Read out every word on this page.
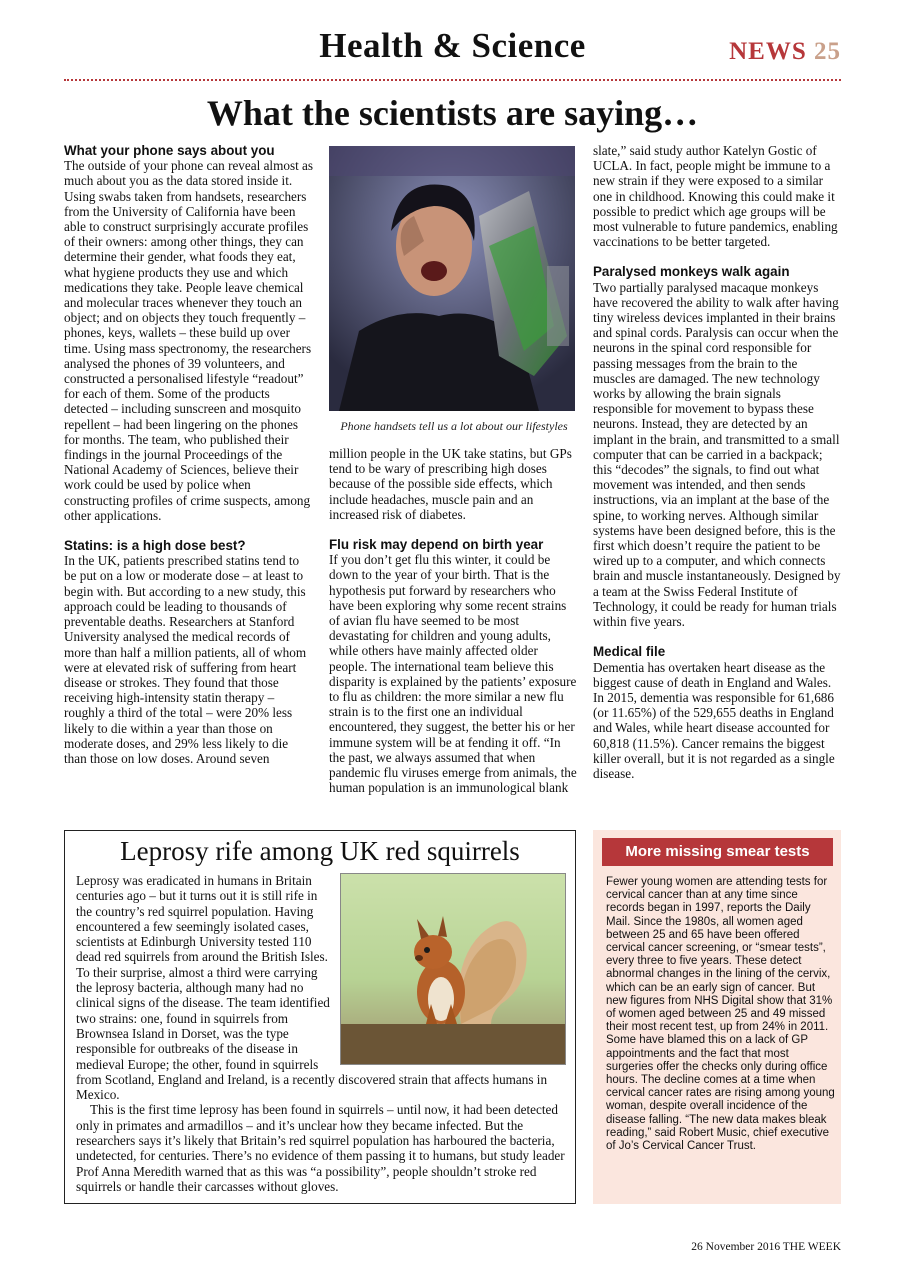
Health & Science	NEWS 25
What the scientists are saying…
What your phone says about you

The outside of your phone can reveal almost as much about you as the data stored inside it. Using swabs taken from handsets, researchers from the University of California have been able to construct surprisingly accurate profiles of their owners: among other things, they can determine their gender, what foods they eat, what hygiene products they use and which medications they take. People leave chemical and molecular traces whenever they touch an object; and on objects they touch frequently – phones, keys, wallets – these build up over time. Using mass spectronomy, the researchers analysed the phones of 39 volunteers, and constructed a personalised lifestyle “readout” for each of them. Some of the products detected – including sunscreen and mosquito repellent – had been lingering on the phones for months. The team, who published their findings in the journal Proceedings of the National Academy of Sciences, believe their work could be used by police when constructing profiles of crime suspects, among other applications.

Statins: is a high dose best?

In the UK, patients prescribed statins tend to be put on a low or moderate dose – at least to begin with. But according to a new study, this approach could be leading to thousands of preventable deaths. Researchers at Stanford University analysed the medical records of more than half a million patients, all of whom were at elevated risk of suffering from heart disease or strokes. They found that those receiving high-intensity statin therapy – roughly a third of the total – were 20% less likely to die within a year than those on moderate doses, and 29% less likely to die than those on low doses. Around seven

Phone handsets tell us a lot about our lifestyles

million people in the UK take statins, but GPs tend to be wary of prescribing high doses because of the possible side effects, which include headaches, muscle pain and an increased risk of diabetes.

Flu risk may depend on birth year

If you don’t get flu this winter, it could be down to the year of your birth. That is the hypothesis put forward by researchers who have been exploring why some recent strains of avian flu have seemed to be most devastating for children and young adults, while others have mainly affected older people. The international team believe this disparity is explained by the patients’ exposure to flu as children: the more similar a new flu strain is to the first one an individual encountered, they suggest, the better his or her immune system will be at fending it off. “In the past, we always assumed that when pandemic flu viruses emerge from animals, the human population is an immunological blank

slate,” said study author Katelyn Gostic of UCLA. In fact, people might be immune to a new strain if they were exposed to a similar one in childhood. Knowing this could make it possible to predict which age groups will be most vulnerable to future pandemics, enabling vaccinations to be better targeted.

Paralysed monkeys walk again

Two partially paralysed macaque monkeys have recovered the ability to walk after having tiny wireless devices implanted in their brains and spinal cords. Paralysis can occur when the neurons in the spinal cord responsible for passing messages from the brain to the muscles are damaged. The new technology works by allowing the brain signals responsible for movement to bypass these neurons. Instead, they are detected by an implant in the brain, and transmitted to a small computer that can be carried in a backpack; this “decodes” the signals, to find out what movement was intended, and then sends instructions, via an implant at the base of the spine, to working nerves. Although similar systems have been designed before, this is the first which doesn’t require the patient to be wired up to a computer, and which connects brain and muscle instantaneously. Designed by a team at the Swiss Federal Institute of Technology, it could be ready for human trials within five years.

Medical file

Dementia has overtaken heart disease as the biggest cause of death in England and Wales. In 2015, dementia was responsible for 61,686 (or 11.65%) of the 529,655 deaths in England and Wales, while heart disease accounted for 60,818 (11.5%). Cancer remains the biggest killer overall, but it is not regarded as a single disease.

Leprosy rife among UK red squirrels

Leprosy was eradicated in humans in Britain centuries ago – but it turns out it is still rife in the country’s red squirrel population. Having encountered a few seemingly isolated cases, scientists at Edinburgh University tested 110 dead red squirrels from around the British Isles. To their surprise, almost a third were carrying the leprosy bacteria, although many had no clinical signs of the disease. The team identified two strains: one, found in squirrels from Brownsea Island in Dorset, was the type responsible for outbreaks of the disease in medieval Europe; the other, found in squirrels from Scotland, England and Ireland, is a recently discovered strain that affects humans in Mexico.

This is the first time leprosy has been found in squirrels – until now, it had been detected only in primates and armadillos – and it’s unclear how they became infected. But the researchers says it’s likely that Britain’s red squirrel population has harboured the bacteria, undetected, for centuries. There’s no evidence of them passing it to humans, but study leader Prof Anna Meredith warned that as this was “a possibility”, people shouldn’t stroke red squirrels or handle their carcasses without gloves.

More missing smear tests
Fewer young women are attending tests for cervical cancer than at any time since records began in 1997, reports the Daily Mail. Since the 1980s, all women aged between 25 and 65 have been offered cervical cancer screening, or “smear tests”, every three to five years. These detect abnormal changes in the lining of the cervix, which can be an early sign of cancer. But new figures from NHS Digital show that 31% of women aged between 25 and 49 missed their most recent test, up from 24% in 2011. Some have blamed this on a lack of GP appointments and the fact that most surgeries offer the checks only during office hours. The decline comes at a time when cervical cancer rates are rising among young woman, despite overall incidence of the disease falling. “The new data makes bleak reading,” said Robert Music, chief executive of Jo’s Cervical Cancer Trust.
26 November 2016 THE WEEK
